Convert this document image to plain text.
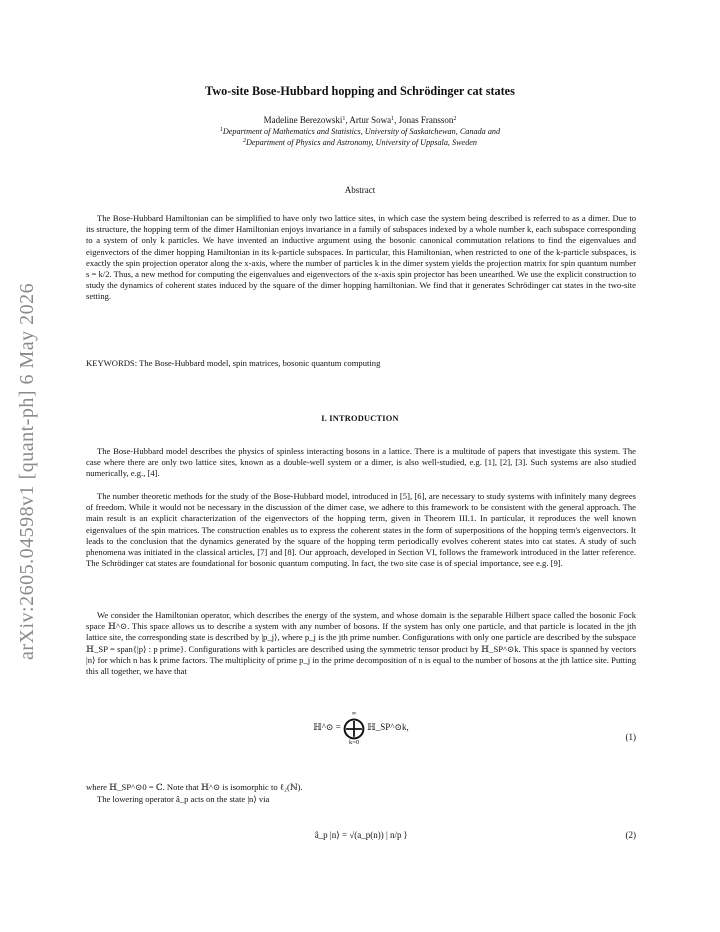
arXiv:2605.04598v1 [quant-ph] 6 May 2026
Two-site Bose-Hubbard hopping and Schrödinger cat states
Madeline Berezowski$^1$, Artur Sowa$^1$, Jonas Fransson$^2$
$^1$Department of Mathematics and Statistics, University of Saskatchewan, Canada and
$^2$Department of Physics and Astronomy, University of Uppsala, Sweden
Abstract

The Bose-Hubbard Hamiltonian can be simplified to have only two lattice sites, in which case the system being described is referred to as a dimer. Due to its structure, the hopping term of the dimer Hamiltonian enjoys invariance in a family of subspaces indexed by a whole number k, each subspace corresponding to a system of only k particles. We have invented an inductive argument using the bosonic canonical commutation relations to find the eigenvalues and eigenvectors of the dimer hopping Hamiltonian in its k-particle subspaces. In particular, this Hamiltonian, when restricted to one of the k-particle subspaces, is exactly the spin projection operator along the x-axis, where the number of particles k in the dimer system yields the projection matrix for spin quantum number s = k/2. Thus, a new method for computing the eigenvalues and eigenvectors of the x-axis spin projector has been unearthed. We use the explicit construction to study the dynamics of coherent states induced by the square of the dimer hopping hamiltonian. We find that it generates Schrödinger cat states in the two-site setting.

KEYWORDS: The Bose-Hubbard model, spin matrices, bosonic quantum computing

I. INTRODUCTION

The Bose-Hubbard model describes the physics of spinless interacting bosons in a lattice. There is a multitude of papers that investigate this system. The case where there are only two lattice sites, known as a double-well system or a dimer, is also well-studied, e.g. [1], [2], [3]. Such systems are also studied numerically, e.g., [4].

The number theoretic methods for the study of the Bose-Hubbard model, introduced in [5], [6], are necessary to study systems with infinitely many degrees of freedom. While it would not be necessary in the discussion of the dimer case, we adhere to this framework to be consistent with the general approach. The main result is an explicit characterization of the eigenvectors of the hopping term, given in Theorem III.1. In particular, it reproduces the well known eigenvalues of the spin matrices. The construction enables us to express the coherent states in the form of superpositions of the hopping term's eigenvectors. It leads to the conclusion that the dynamics generated by the square of the hopping term periodically evolves coherent states into cat states. A study of such phenomena was initiated in the classical articles, [7] and [8]. Our approach, developed in Section VI, follows the framework introduced in the latter reference. The Schrödinger cat states are foundational for bosonic quantum computing. In fact, the two site case is of special importance, see e.g. [9].

We consider the Hamiltonian operator, which describes the energy of the system, and whose domain is the separable Hilbert space called the bosonic Fock space ℍ^⊙. This space allows us to describe a system with any number of bosons. If the system has only one particle, and that particle is located in the jth lattice site, the corresponding state is described by |p_j⟩, where p_j is the jth prime number. Configurations with only one particle are described by the subspace ℍ_SP = span{|p⟩ : p prime}. Configurations with k particles are described using the symmetric tensor product by ℍ_SP^⊙k. This space is spanned by vectors |n⟩ for which n has k prime factors. The multiplicity of prime p_j in the prime decomposition of n is equal to the number of bosons at the jth lattice site. Putting this all together, we have that

ℍ^⊙ =
∞
⨁
k=0
ℍ_SP^⊙k,
(1)

where ℍ_SP^⊙0 = ℂ. Note that ℍ^⊙ is isomorphic to ℓ₂(ℕ).

The lowering operator â_p acts on the state |n⟩ via

â_p |n⟩ = √(a_p(n)) | n/p ⟩	(2)
